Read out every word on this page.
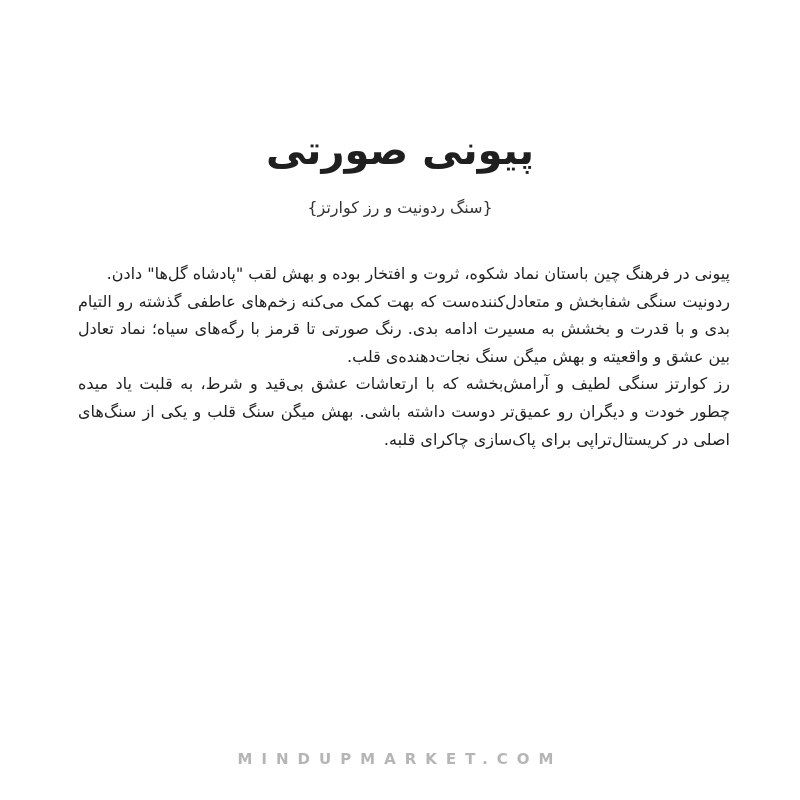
پیونی صورتی
{سنگ ردونیت و رز کوارتز}

پیونی در فرهنگ چین باستان نماد شکوه، ثروت و افتخار بوده و بهش لقب "پادشاه گل‌ها" دادن.

ردونیت سنگی شفابخش و متعادل‌کننده‌ست که بهت کمک می‌کنه زخم‌های عاطفی گذشته رو التیام بدی و با قدرت و بخشش به مسیرت ادامه بدی. رنگ صورتی تا قرمز با رگه‌های سیاه؛ نماد تعادل بین عشق و واقعیته و بهش میگن سنگ نجات‌دهنده‌ی قلب.

رز کوارتز سنگی لطیف و آرامش‌بخشه که با ارتعاشات عشق بی‌قید و شرط، به قلبت یاد میده چطور خودت و دیگران رو عمیق‌تر دوست داشته باشی. بهش میگن سنگ قلب و یکی از سنگ‌های اصلی در کریستال‌تراپی برای پاک‌سازی چاکرای قلبه.

MINDUPMARKET.COM
